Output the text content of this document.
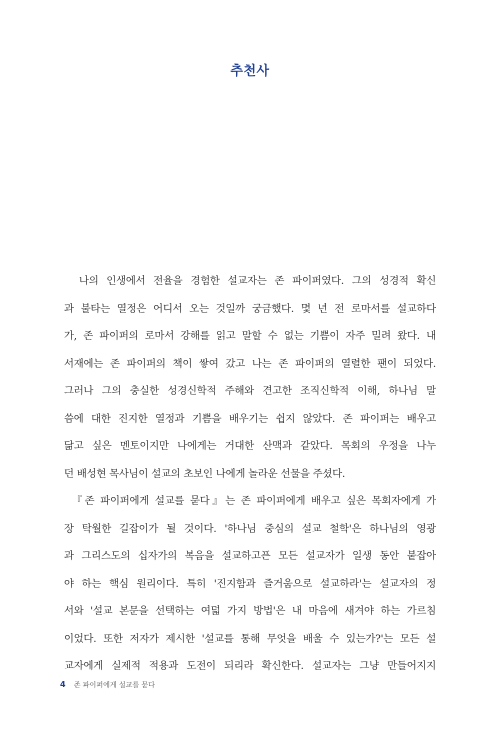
추천사
　나의 인생에서 전율을 경험한 설교자는 존 파이퍼였다. 그의 성경적 확신
과 불타는 열정은 어디서 오는 것일까 궁금했다. 몇 년 전 로마서를 설교하다
가, 존 파이퍼의 로마서 강해를 읽고 말할 수 없는 기쁨이 자주 밀려 왔다. 내
서재에는 존 파이퍼의 책이 쌓여 갔고 나는 존 파이퍼의 열렬한 팬이 되었다.
그러나 그의 충실한 성경신학적 주해와 견고한 조직신학적 이해, 하나님 말
씀에 대한 진지한 열정과 기쁨을 배우기는 쉽지 않았다. 존 파이퍼는 배우고
닮고 싶은 멘토이지만 나에게는 거대한 산맥과 같았다. 목회의 우정을 나누
던 배성현 목사님이 설교의 초보인 나에게 놀라운 선물을 주셨다.
　『존 파이퍼에게 설교를 묻다』는 존 파이퍼에게 배우고 싶은 목회자에게 가
장 탁월한 길잡이가 될 것이다. '하나님 중심의 설교 철학'은 하나님의 영광
과 그리스도의 십자가의 복음을 설교하고픈 모든 설교자가 일생 동안 붙잡아
야 하는 핵심 원리이다. 특히 '진지함과 즐거움으로 설교하라'는 설교자의 정
서와 '설교 본문을 선택하는 여덟 가지 방법'은 내 마음에 새겨야 하는 가르침
이었다. 또한 저자가 제시한 '설교를 통해 무엇을 배울 수 있는가?'는 모든 설
교자에게 실제적 적용과 도전이 되리라 확신한다. 설교자는 그냥 만들어지지
4 존 파이퍼에게 설교를 묻다
